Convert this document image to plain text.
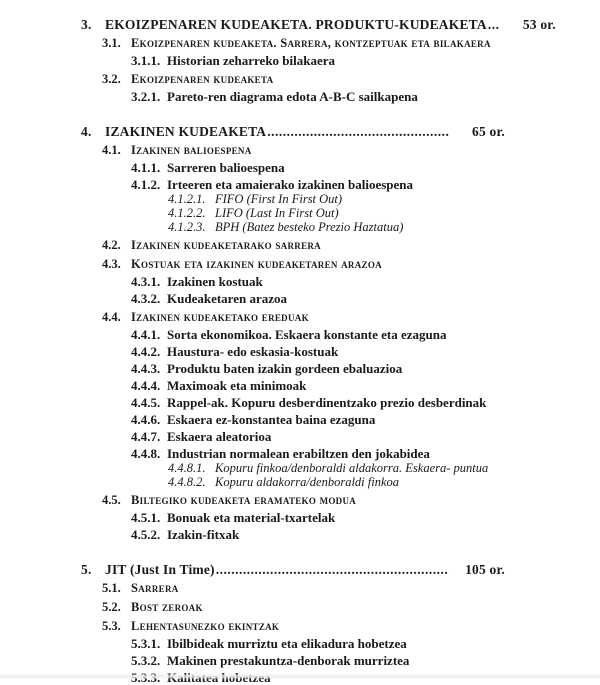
3. EKOIZPENAREN KUDEAKETA. PRODUKTU-KUDEAKETA .....	53 or.
3.1. Ekoizpenaren kudeaketa. Sarrera, kontzeptuak eta bilakaera
3.1.1. Historian zeharreko bilakaera
3.2. Ekoizpenaren kudeaketa
3.2.1. Pareto-ren diagrama edota A-B-C sailkapena
4. IZAKINEN KUDEAKETA .....	65 or.
4.1. Izakinen balioespena
4.1.1. Sarreren balioespena
4.1.2. Irteeren eta amaierako izakinen balioespena
4.1.2.1. FIFO (First In First Out)
4.1.2.2. LIFO (Last In First Out)
4.1.2.3. BPH (Batez besteko Prezio Haztatua)
4.2. Izakinen kudeaketarako sarrera
4.3. Kostuak eta izakinen kudeaketaren arazoa
4.3.1. Izakinen kostuak
4.3.2. Kudeaketaren arazoa
4.4. Izakinen kudeaketako ereduak
4.4.1. Sorta ekonomikoa. Eskaera konstante eta ezaguna
4.4.2. Haustura- edo eskasia-kostuak
4.4.3. Produktu baten izakin gordeen ebaluazioa
4.4.4. Maximoak eta minimoak
4.4.5. Rappel-ak. Kopuru desberdinentzako prezio desberdinak
4.4.6. Eskaera ez-konstantea baina ezaguna
4.4.7. Eskaera aleatorioa
4.4.8. Industrian normalean erabiltzen den jokabidea
4.4.8.1. Kopuru finkoa/denboraldi aldakorra. Eskaera- puntua
4.4.8.2. Kopuru aldakorra/denboraldi finkoa
4.5. Biltegiko kudeaketa eramateko modua
4.5.1. Bonuak eta material-txartelak
4.5.2. Izakin-fitxak
5. JIT (Just In Time) .....	105 or.
5.1. Sarrera
5.2. Bost zeroak
5.3. Lehentasunezko ekintzak
5.3.1. Ibilbideak murriztu eta elikadura hobetzea
5.3.2. Makinen prestakuntza-denborak murriztea
